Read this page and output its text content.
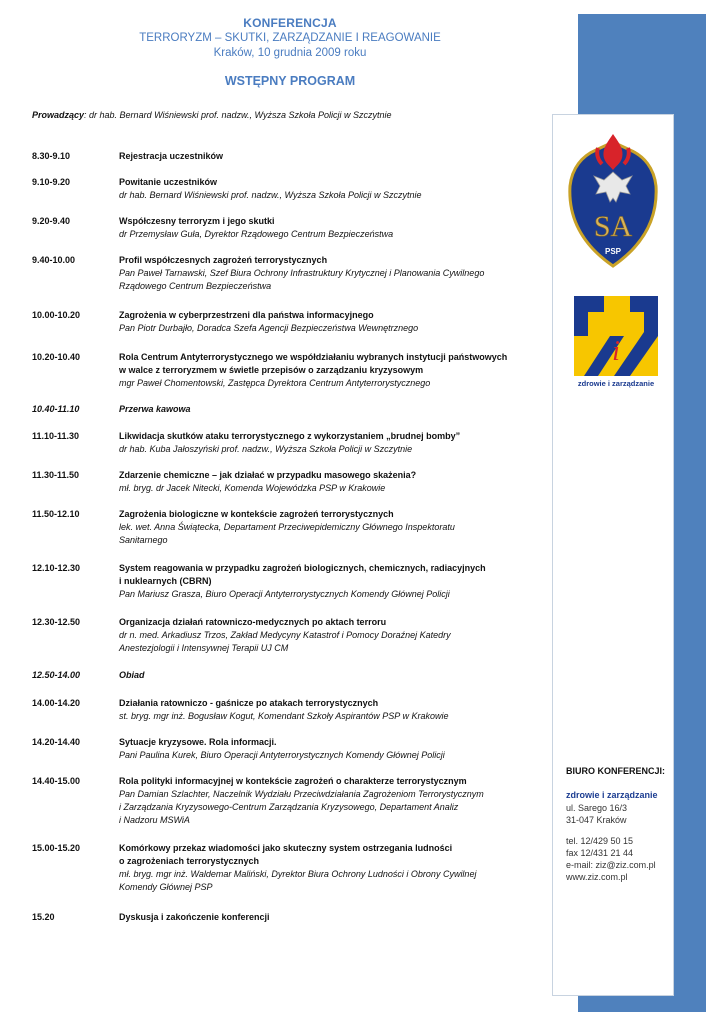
KONFERENCJA
TERRORYZM – SKUTKI, ZARZĄDZANIE I REAGOWANIE
Kraków, 10 grudnia 2009 roku
WSTĘPNY PROGRAM
Prowadzący: dr hab. Bernard Wiśniewski prof. nadzw., Wyższa Szkoła Policji w Szczytnie
8.30-9.10	Rejestracja uczestników
9.10-9.20	Powitanie uczestników
dr hab. Bernard Wiśniewski prof. nadzw., Wyższa Szkoła Policji w Szczytnie
9.20-9.40	Współczesny terroryzm i jego skutki
dr Przemysław Guła, Dyrektor Rządowego Centrum Bezpieczeństwa
9.40-10.00	Profil współczesnych zagrożeń terrorystycznych
Pan Paweł Tarnawski, Szef Biura Ochrony Infrastruktury Krytycznej i Planowania Cywilnego
Rządowego Centrum Bezpieczeństwa
10.00-10.20	Zagrożenia w cyberprzestrzeni dla państwa informacyjnego
Pan Piotr Durbajło, Doradca Szefa Agencji Bezpieczeństwa Wewnętrznego
10.20-10.40	Rola Centrum Antyterrorystycznego we współdziałaniu wybranych instytucji państwowych
w walce z terroryzmem w świetle przepisów o zarządzaniu kryzysowym
mgr Paweł Chomentowski, Zastępca Dyrektora Centrum Antyterrorystycznego
10.40-11.10	Przerwa kawowa
11.10-11.30	Likwidacja skutków ataku terrorystycznego z wykorzystaniem „brudnej bomby”
dr hab. Kuba Jałoszyński prof. nadzw., Wyższa Szkoła Policji w Szczytnie
11.30-11.50	Zdarzenie chemiczne – jak działać w przypadku masowego skażenia?
mł. bryg. dr Jacek Nitecki, Komenda Wojewódzka PSP w Krakowie
11.50-12.10	Zagrożenia biologiczne w kontekście zagrożeń terrorystycznych
lek. wet. Anna Świątecka, Departament Przeciwepidemiczny Głównego Inspektoratu
Sanitarnego
12.10-12.30	System reagowania w przypadku zagrożeń biologicznych, chemicznych, radiacyjnych
i nuklearnych (CBRN)
Pan Mariusz Grasza, Biuro Operacji Antyterrorystycznych Komendy Głównej Policji
12.30-12.50	Organizacja działań ratowniczo-medycznych po aktach terroru
dr n. med. Arkadiusz Trzos, Zakład Medycyny Katastrof i Pomocy Doraźnej Katedry
Anestezjologii i Intensywnej Terapii UJ CM
12.50-14.00	Obiad
14.00-14.20	Działania ratowniczo - gaśnicze po atakach terrorystycznych
st. bryg. mgr inż. Bogusław Kogut, Komendant Szkoły Aspirantów PSP w Krakowie
14.20-14.40	Sytuacje kryzysowe. Rola informacji.
Pani Paulina Kurek, Biuro Operacji Antyterrorystycznych Komendy Głównej Policji
14.40-15.00	Rola polityki informacyjnej w kontekście zagrożeń o charakterze terrorystycznym
Pan Damian Szlachter, Naczelnik Wydziału Przeciwdziałania Zagrożeniom Terrorystycznym
i Zarządzania Kryzysowego-Centrum Zarządzania Kryzysowego, Departament Analiz
i Nadzoru MSWiA
15.00-15.20	Komórkowy przekaz wiadomości jako skuteczny system ostrzegania ludności
o zagrożeniach terrorystycznych
mł. bryg. mgr inż. Waldemar Maliński, Dyrektor Biura Ochrony Ludności i Obrony Cywilnej
Komendy Głównej PSP
15.20	Dyskusja i zakończenie konferencji
SA
PSP
i
zdrowie i zarządzanie
BIURO KONFERENCJI:
zdrowie i zarządzanie
ul. Sarego 16/3
31-047 Kraków
tel. 12/429 50 15
fax 12/431 21 44
e-mail: ziz@ziz.com.pl
www.ziz.com.pl
